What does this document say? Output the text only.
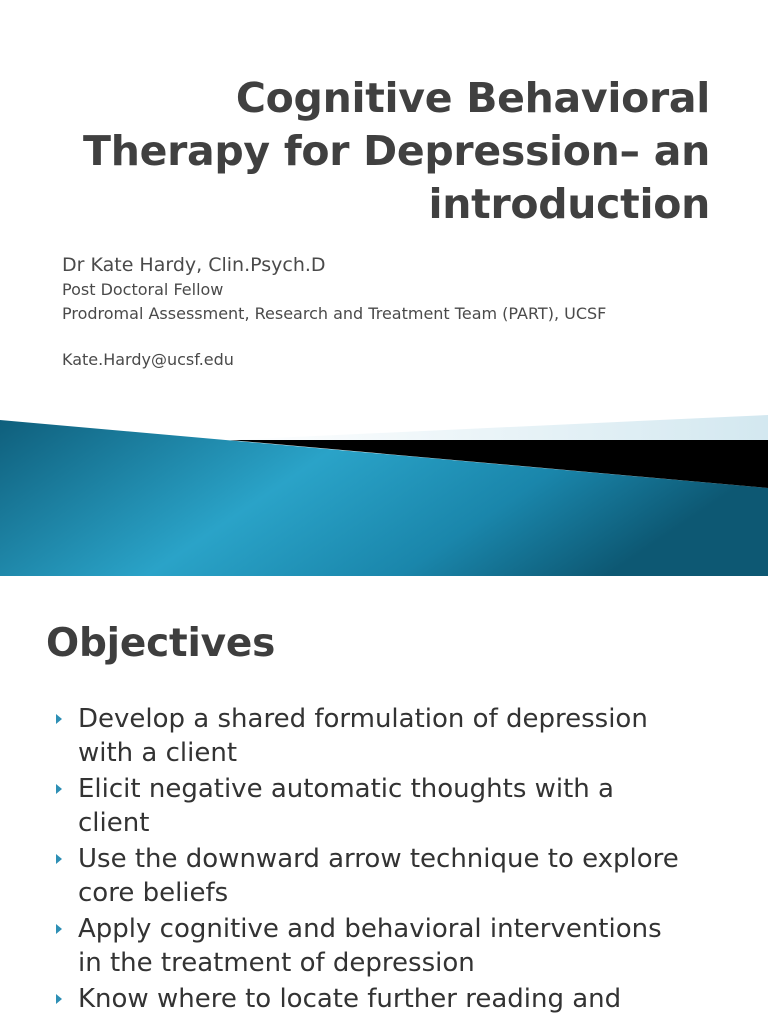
Cognitive Behavioral
Therapy for Depression– an
introduction
Dr Kate Hardy, Clin.Psych.D
Post Doctoral Fellow
Prodromal Assessment, Research and Treatment Team (PART), UCSF
Kate.Hardy@ucsf.edu
Objectives
Develop a shared formulation of depression
with a client
Elicit negative automatic thoughts with a
client
Use the downward arrow technique to explore
core beliefs
Apply cognitive and behavioral interventions
in the treatment of depression
Know where to locate further reading and
